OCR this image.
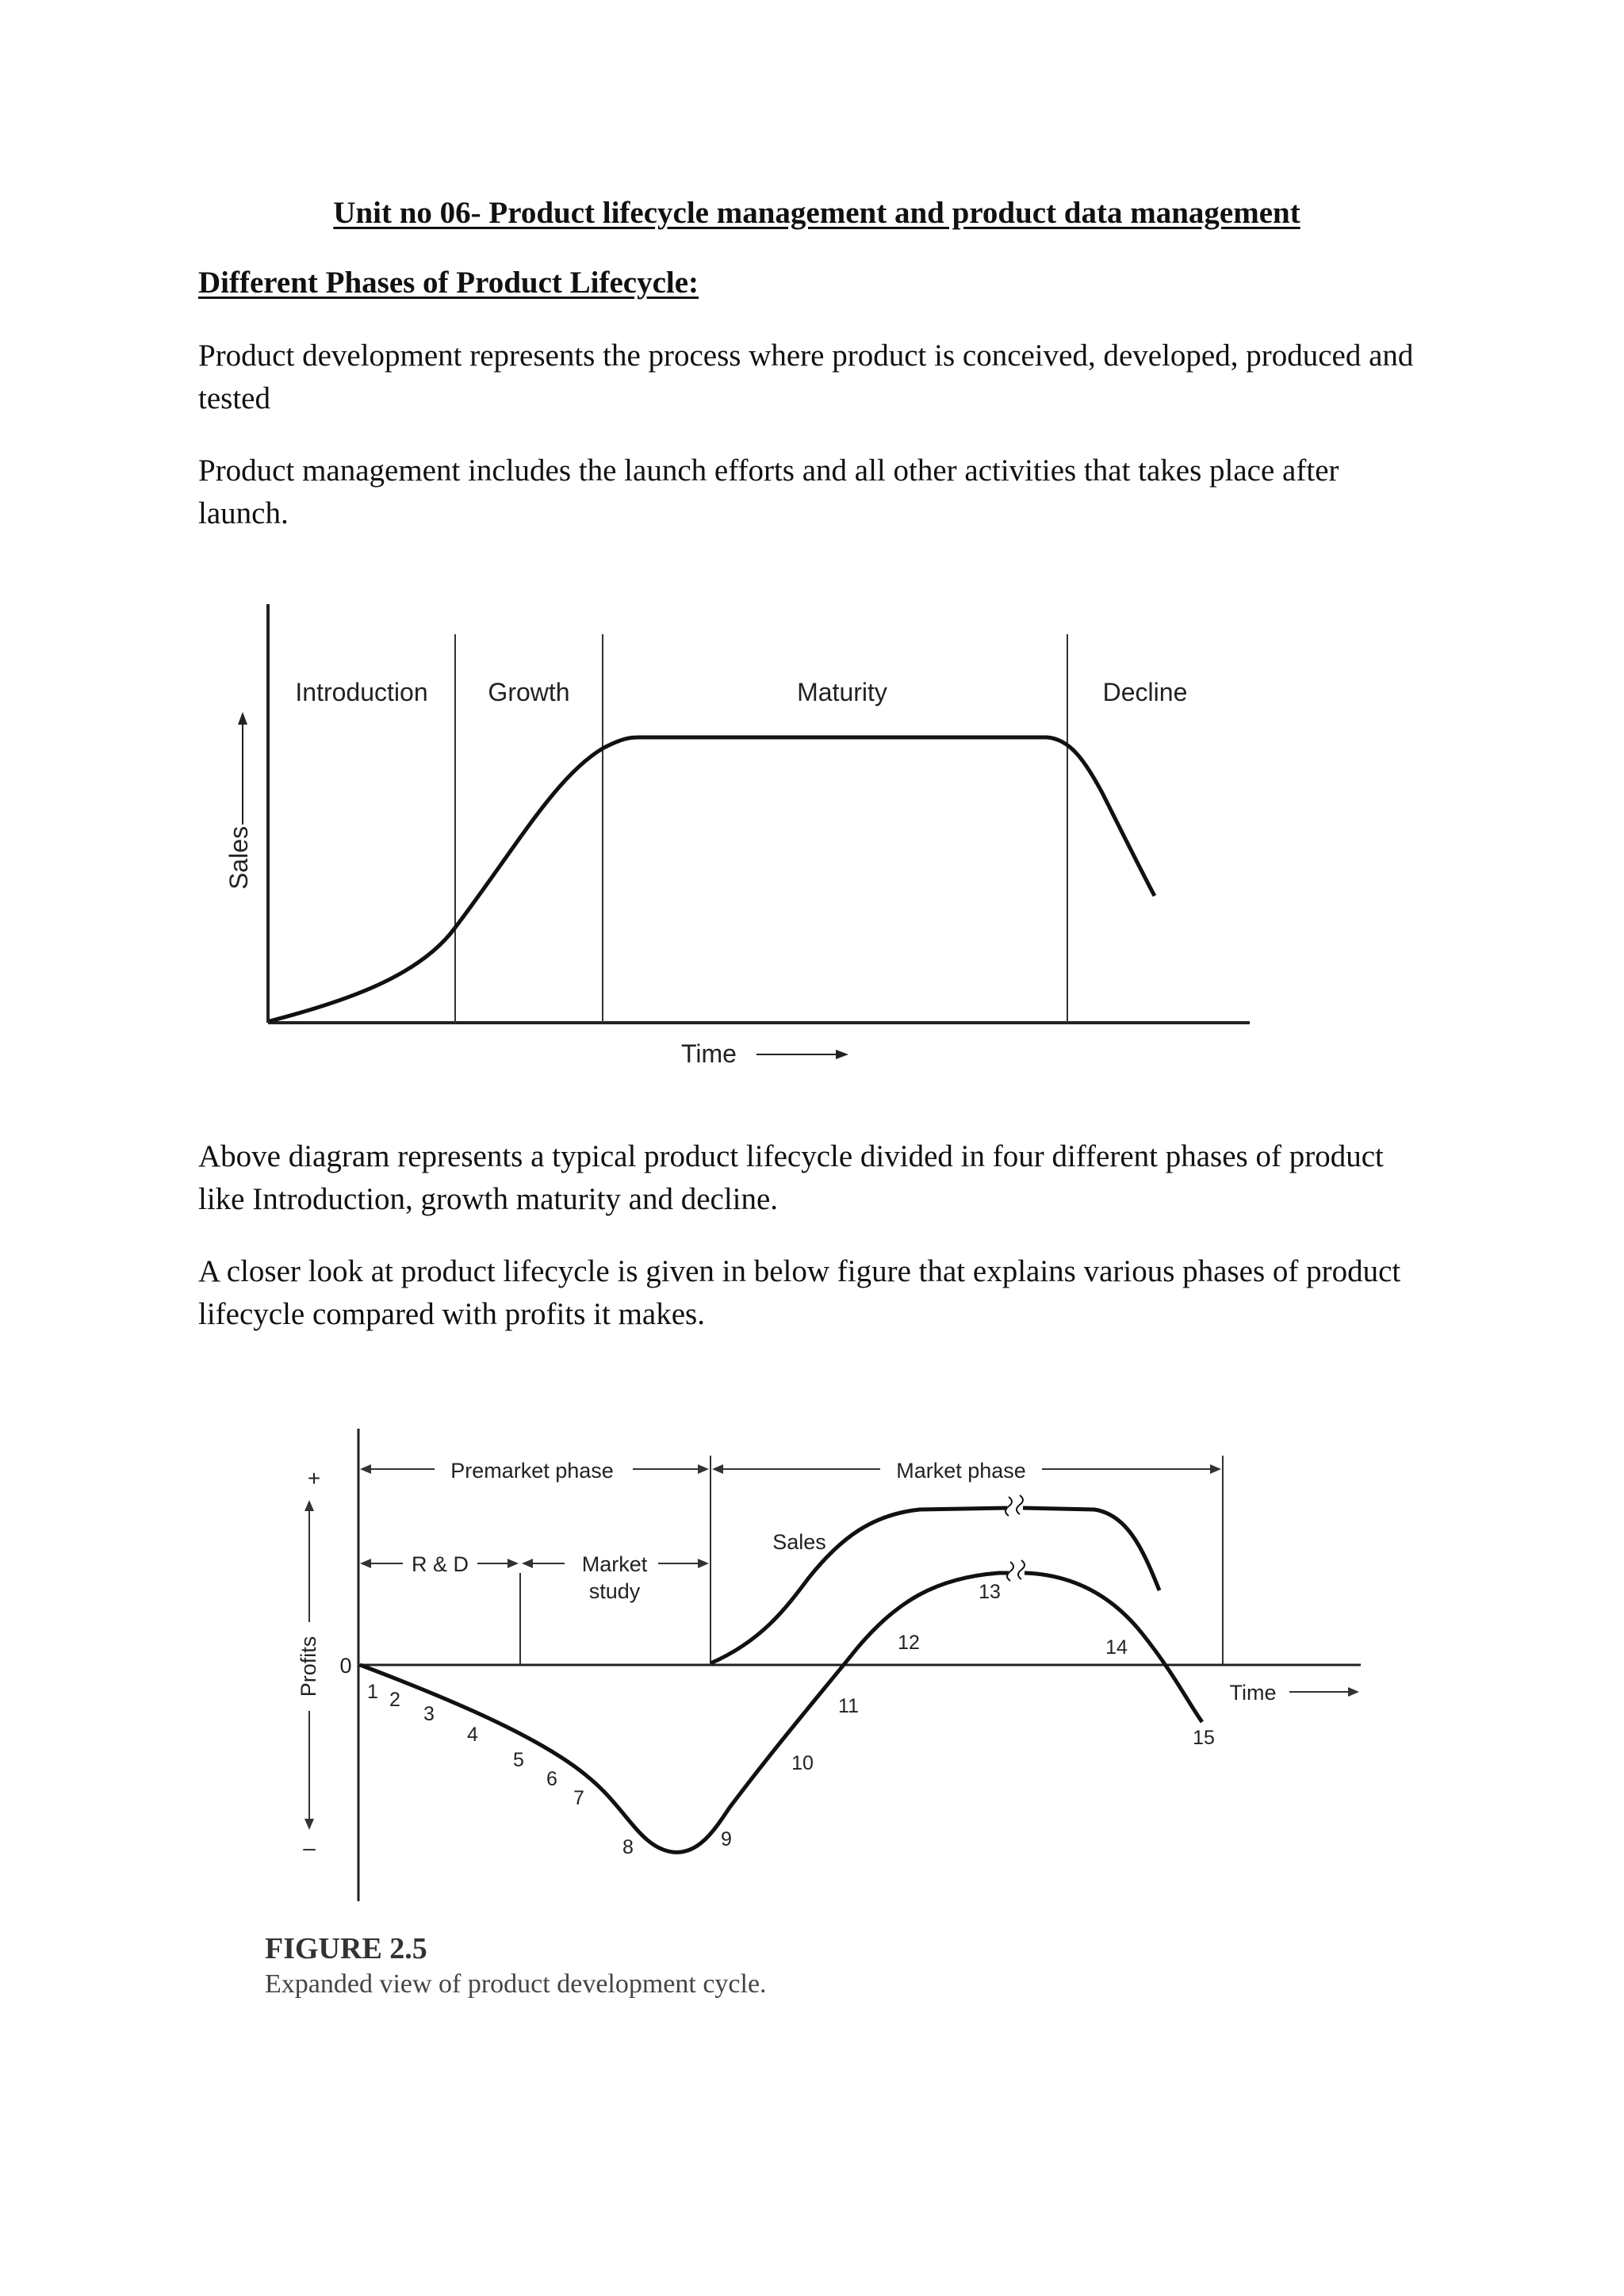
Unit no 06- Product lifecycle management and product data management
Different Phases of Product Lifecycle:

Product development represents the process where product is conceived, developed, produced and tested

Product management includes the launch efforts and all other activities that takes place after launch.

Introduction Growth	Maturity	Decline
Sales
Time

Above diagram represents a typical product lifecycle divided in four different phases of product like Introduction, growth maturity and decline.

A closer look at product lifecycle is given in below figure that explains various phases of product lifecycle compared with profits it makes.

Premarket phase	Market phase
R & D	Market
study
Sales
+
Profits
–
0
Time
1 2
3
4
5
6
7
8	9
10
11
12
13
14
15
FIGURE 2.5
Expanded view of product development cycle.
